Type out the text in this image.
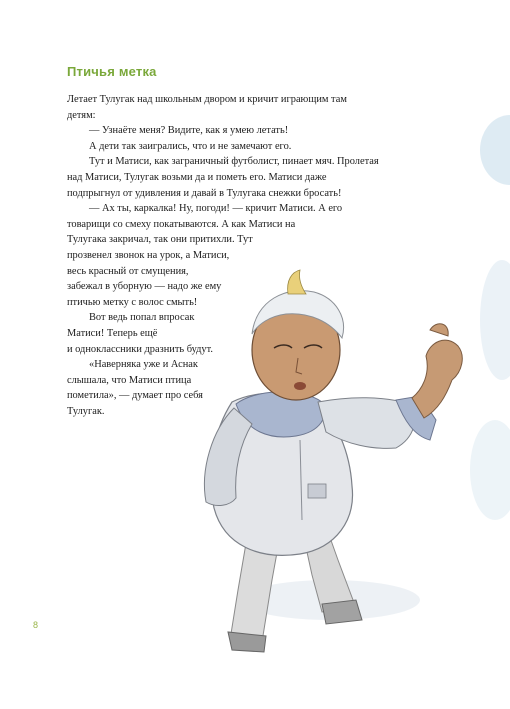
Птичья метка
Летает Тулугак над школьным двором и кричит играющим там
детям:
— Узнаёте меня? Видите, как я умею летать!
А дети так заигрались, что и не замечают его.
Тут и Матиси, как заграничный футболист, пинает мяч. Пролетая
над Матиси, Тулугак возьми да и пометь его. Матиси даже
подпрыгнул от удивления и давай в Тулугака снежки бросать!
— Ах ты, каркалка! Ну, погоди! — кричит Матиси. А его
товарищи со смеху покатываются. А как Матиси на
Тулугака закричал, так они притихли. Тут
прозвенел звонок на урок, а Матиси,
весь красный от смущения,
забежал в уборную — надо же ему
птичью метку с волос смыть!
Вот ведь попал впросак
Матиси! Теперь ещё
и одноклассники дразнить будут.
«Наверняка уже и Аснак
слышала, что Матиси птица
пометила», — думает про себя
Тулугак.
8
